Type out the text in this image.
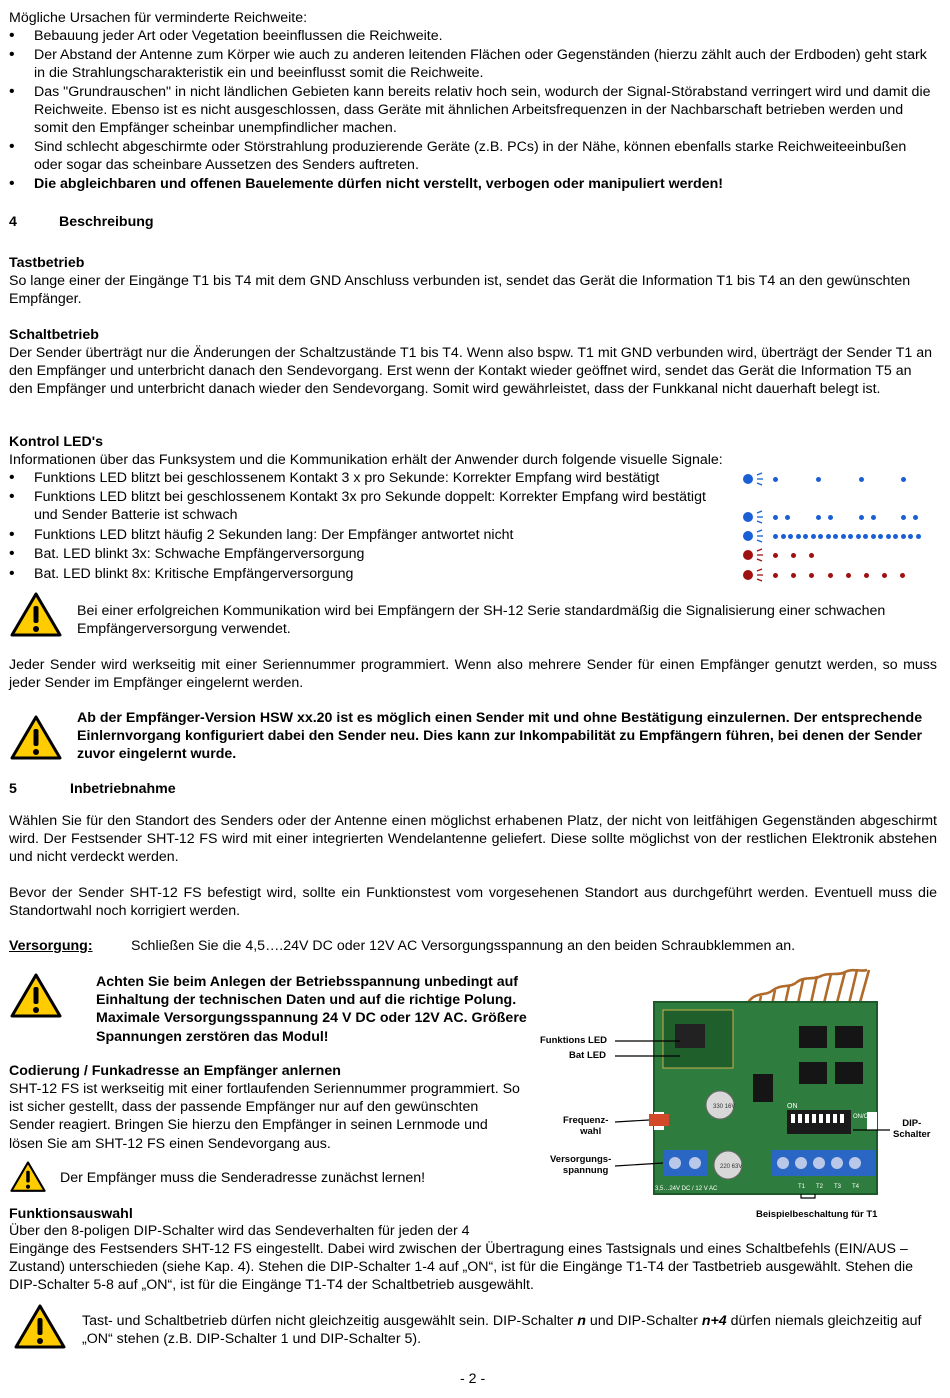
Mögliche Ursachen für verminderte Reichweite:
•
Bebauung jeder Art oder Vegetation beeinflussen die Reichweite.
•
Der Abstand der Antenne zum Körper wie auch zu anderen leitenden Flächen oder Gegenständen (hierzu zählt auch der Erdboden) geht stark in die Strahlungscharakteristik ein und beeinflusst somit die Reichweite.
•
Das "Grundrauschen" in nicht ländlichen Gebieten kann bereits relativ hoch sein, wodurch der Signal-Störabstand verringert wird und damit die Reichweite. Ebenso ist es nicht ausgeschlossen, dass Geräte mit ähnlichen Arbeitsfrequenzen in der Nachbarschaft betrieben werden und somit den Empfänger scheinbar unempfindlicher machen.
•
Sind schlecht abgeschirmte oder Störstrahlung produzierende Geräte (z.B. PCs) in der Nähe, können ebenfalls starke Reichweiteeinbußen oder sogar das scheinbare Aussetzen des Senders auftreten.
•
Die abgleichbaren und offenen Bauelemente dürfen nicht verstellt, verbogen oder manipuliert werden!
4	Beschreibung
Tastbetrieb
So lange einer der Eingänge T1 bis T4 mit dem GND Anschluss verbunden ist, sendet das Gerät die Information T1 bis T4 an den gewünschten Empfänger.
Schaltbetrieb
Der Sender überträgt nur die Änderungen der Schaltzustände T1 bis T4. Wenn also bspw. T1 mit GND verbunden wird, überträgt der Sender T1 an den Empfänger und unterbricht danach den Sendevorgang. Erst wenn der Kontakt wieder geöffnet wird, sendet das Gerät die Information T5 an den Empfänger und unterbricht danach wieder den Sendevorgang. Somit wird gewährleistet, dass der Funkkanal nicht dauerhaft belegt ist.
Kontrol LED's
Informationen über das Funksystem und die Kommunikation erhält der Anwender durch folgende visuelle Signale:
•
Funktions LED blitzt bei geschlossenem Kontakt 3 x pro Sekunde: Korrekter Empfang wird bestätigt
•
Funktions LED blitzt bei geschlossenem Kontakt 3x pro Sekunde doppelt: Korrekter Empfang wird bestätigt und Sender Batterie ist schwach
•
Funktions LED blitzt häufig 2 Sekunden lang: Der Empfänger antwortet nicht
•
Bat. LED blinkt 3x: Schwache Empfängerversorgung
•
Bat. LED blinkt 8x: Kritische Empfängerversorgung
Bei einer erfolgreichen Kommunikation wird bei Empfängern der SH-12 Serie standardmäßig die Signalisierung einer schwachen Empfängerversorgung verwendet.
Jeder Sender wird werkseitig mit einer Seriennummer programmiert. Wenn also mehrere Sender für einen Empfänger genutzt werden, so muss jeder Sender im Empfänger eingelernt werden.
Ab der Empfänger-Version HSW xx.20 ist es möglich einen Sender mit und ohne Bestätigung einzulernen. Der entsprechende Einlernvorgang konfiguriert dabei den Sender neu. Dies kann zur Inkompabilität zu Empfängern führen, bei denen der Sender zuvor eingelernt wurde.
5	Inbetriebnahme
Wählen Sie für den Standort des Senders oder der Antenne einen möglichst erhabenen Platz, der nicht von leitfähigen Gegenständen abgeschirmt wird. Der Festsender SHT-12 FS wird mit einer integrierten Wendelantenne geliefert. Diese sollte möglichst von der restlichen Elektronik abstehen und nicht verdeckt werden.
Bevor der Sender SHT-12 FS befestigt wird, sollte ein Funktionstest vom vorgesehenen Standort aus durchgeführt werden. Eventuell muss die Standortwahl noch korrigiert werden.
Versorgung:	Schließen Sie die 4,5….24V DC oder 12V AC Versorgungsspannung an den beiden Schraubklemmen an.
Achten Sie beim Anlegen der Betriebsspannung unbedingt auf Einhaltung der technischen Daten und auf die richtige Polung. Maximale Versorgungsspannung 24 V DC oder 12V AC. Größere Spannungen zerstören das Modul!
Codierung / Funkadresse an Empfänger anlernen
SHT-12 FS ist werkseitig mit einer fortlaufenden Seriennummer programmiert. So ist sicher gestellt, dass der passende Empfänger nur auf den gewünschten Sender reagiert. Bringen Sie hierzu den Empfänger in seinen Lernmode und lösen Sie am SHT-12 FS einen Sendevorgang aus.
Der Empfänger muss die Senderadresse zunächst lernen!
Funktionsauswahl
Über den 8-poligen DIP-Schalter wird das Sendeverhalten für jeden der 4
Eingänge des Festsenders SHT-12 FS eingestellt. Dabei wird zwischen der Übertragung eines Tastsignals und eines Schaltbefehls (EIN/AUS – Zustand) unterschieden (siehe Kap. 4). Stehen die DIP-Schalter 1-4 auf „ON“, ist für die Eingänge T1-T4 der Tastbetrieb ausgewählt. Stehen die DIP-Schalter 5-8 auf „ON“, ist für die Eingänge T1-T4 der Schaltbetrieb ausgewählt.
Tast- und Schaltbetrieb dürfen nicht gleichzeitig ausgewählt sein. DIP-Schalter n und DIP-Schalter n+4 dürfen niemals gleichzeitig auf „ON“ stehen (z.B. DIP-Schalter 1 und DIP-Schalter 5).
- 2 -
ON
ON/OFF
330 16V
220 63V
3,5…24V DC / 12 V AC	T1 T2 T3 T4
Funktions LED
Bat LED
Frequenz-
wahl
Versorgungs-
spannung
DIP-
Schalter
Beispielbeschaltung für T1
